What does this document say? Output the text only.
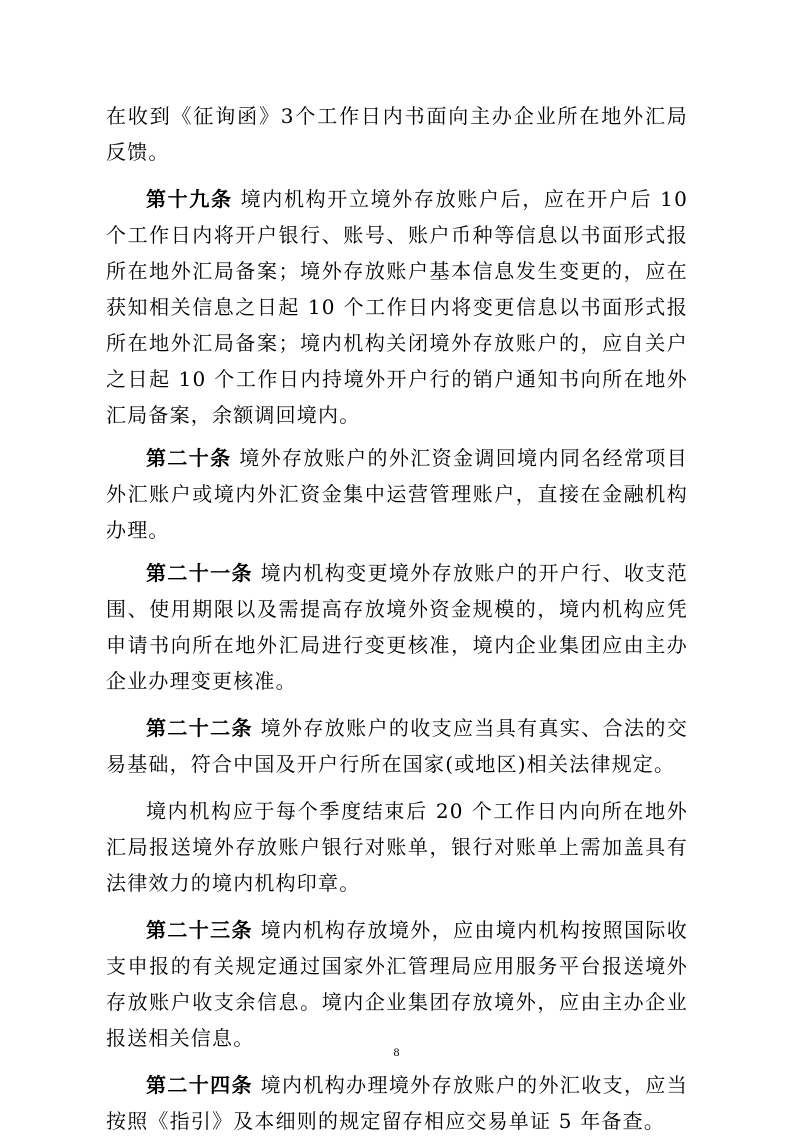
在收到《征询函》3个工作日内书面向主办企业所在地外汇局反馈。

第十九条 境内机构开立境外存放账户后，应在开户后 10 个工作日内将开户银行、账号、账户币种等信息以书面形式报所在地外汇局备案；境外存放账户基本信息发生变更的，应在获知相关信息之日起 10 个工作日内将变更信息以书面形式报所在地外汇局备案；境内机构关闭境外存放账户的，应自关户之日起 10 个工作日内持境外开户行的销户通知书向所在地外汇局备案，余额调回境内。

第二十条 境外存放账户的外汇资金调回境内同名经常项目外汇账户或境内外汇资金集中运营管理账户，直接在金融机构办理。

第二十一条 境内机构变更境外存放账户的开户行、收支范围、使用期限以及需提高存放境外资金规模的，境内机构应凭申请书向所在地外汇局进行变更核准，境内企业集团应由主办企业办理变更核准。

第二十二条 境外存放账户的收支应当具有真实、合法的交易基础，符合中国及开户行所在国家(或地区)相关法律规定。

境内机构应于每个季度结束后 20 个工作日内向所在地外汇局报送境外存放账户银行对账单，银行对账单上需加盖具有法律效力的境内机构印章。

第二十三条 境内机构存放境外，应由境内机构按照国际收支申报的有关规定通过国家外汇管理局应用服务平台报送境外存放账户收支余信息。境内企业集团存放境外，应由主办企业报送相关信息。

第二十四条 境内机构办理境外存放账户的外汇收支，应当按照《指引》及本细则的规定留存相应交易单证 5 年备查。

8
